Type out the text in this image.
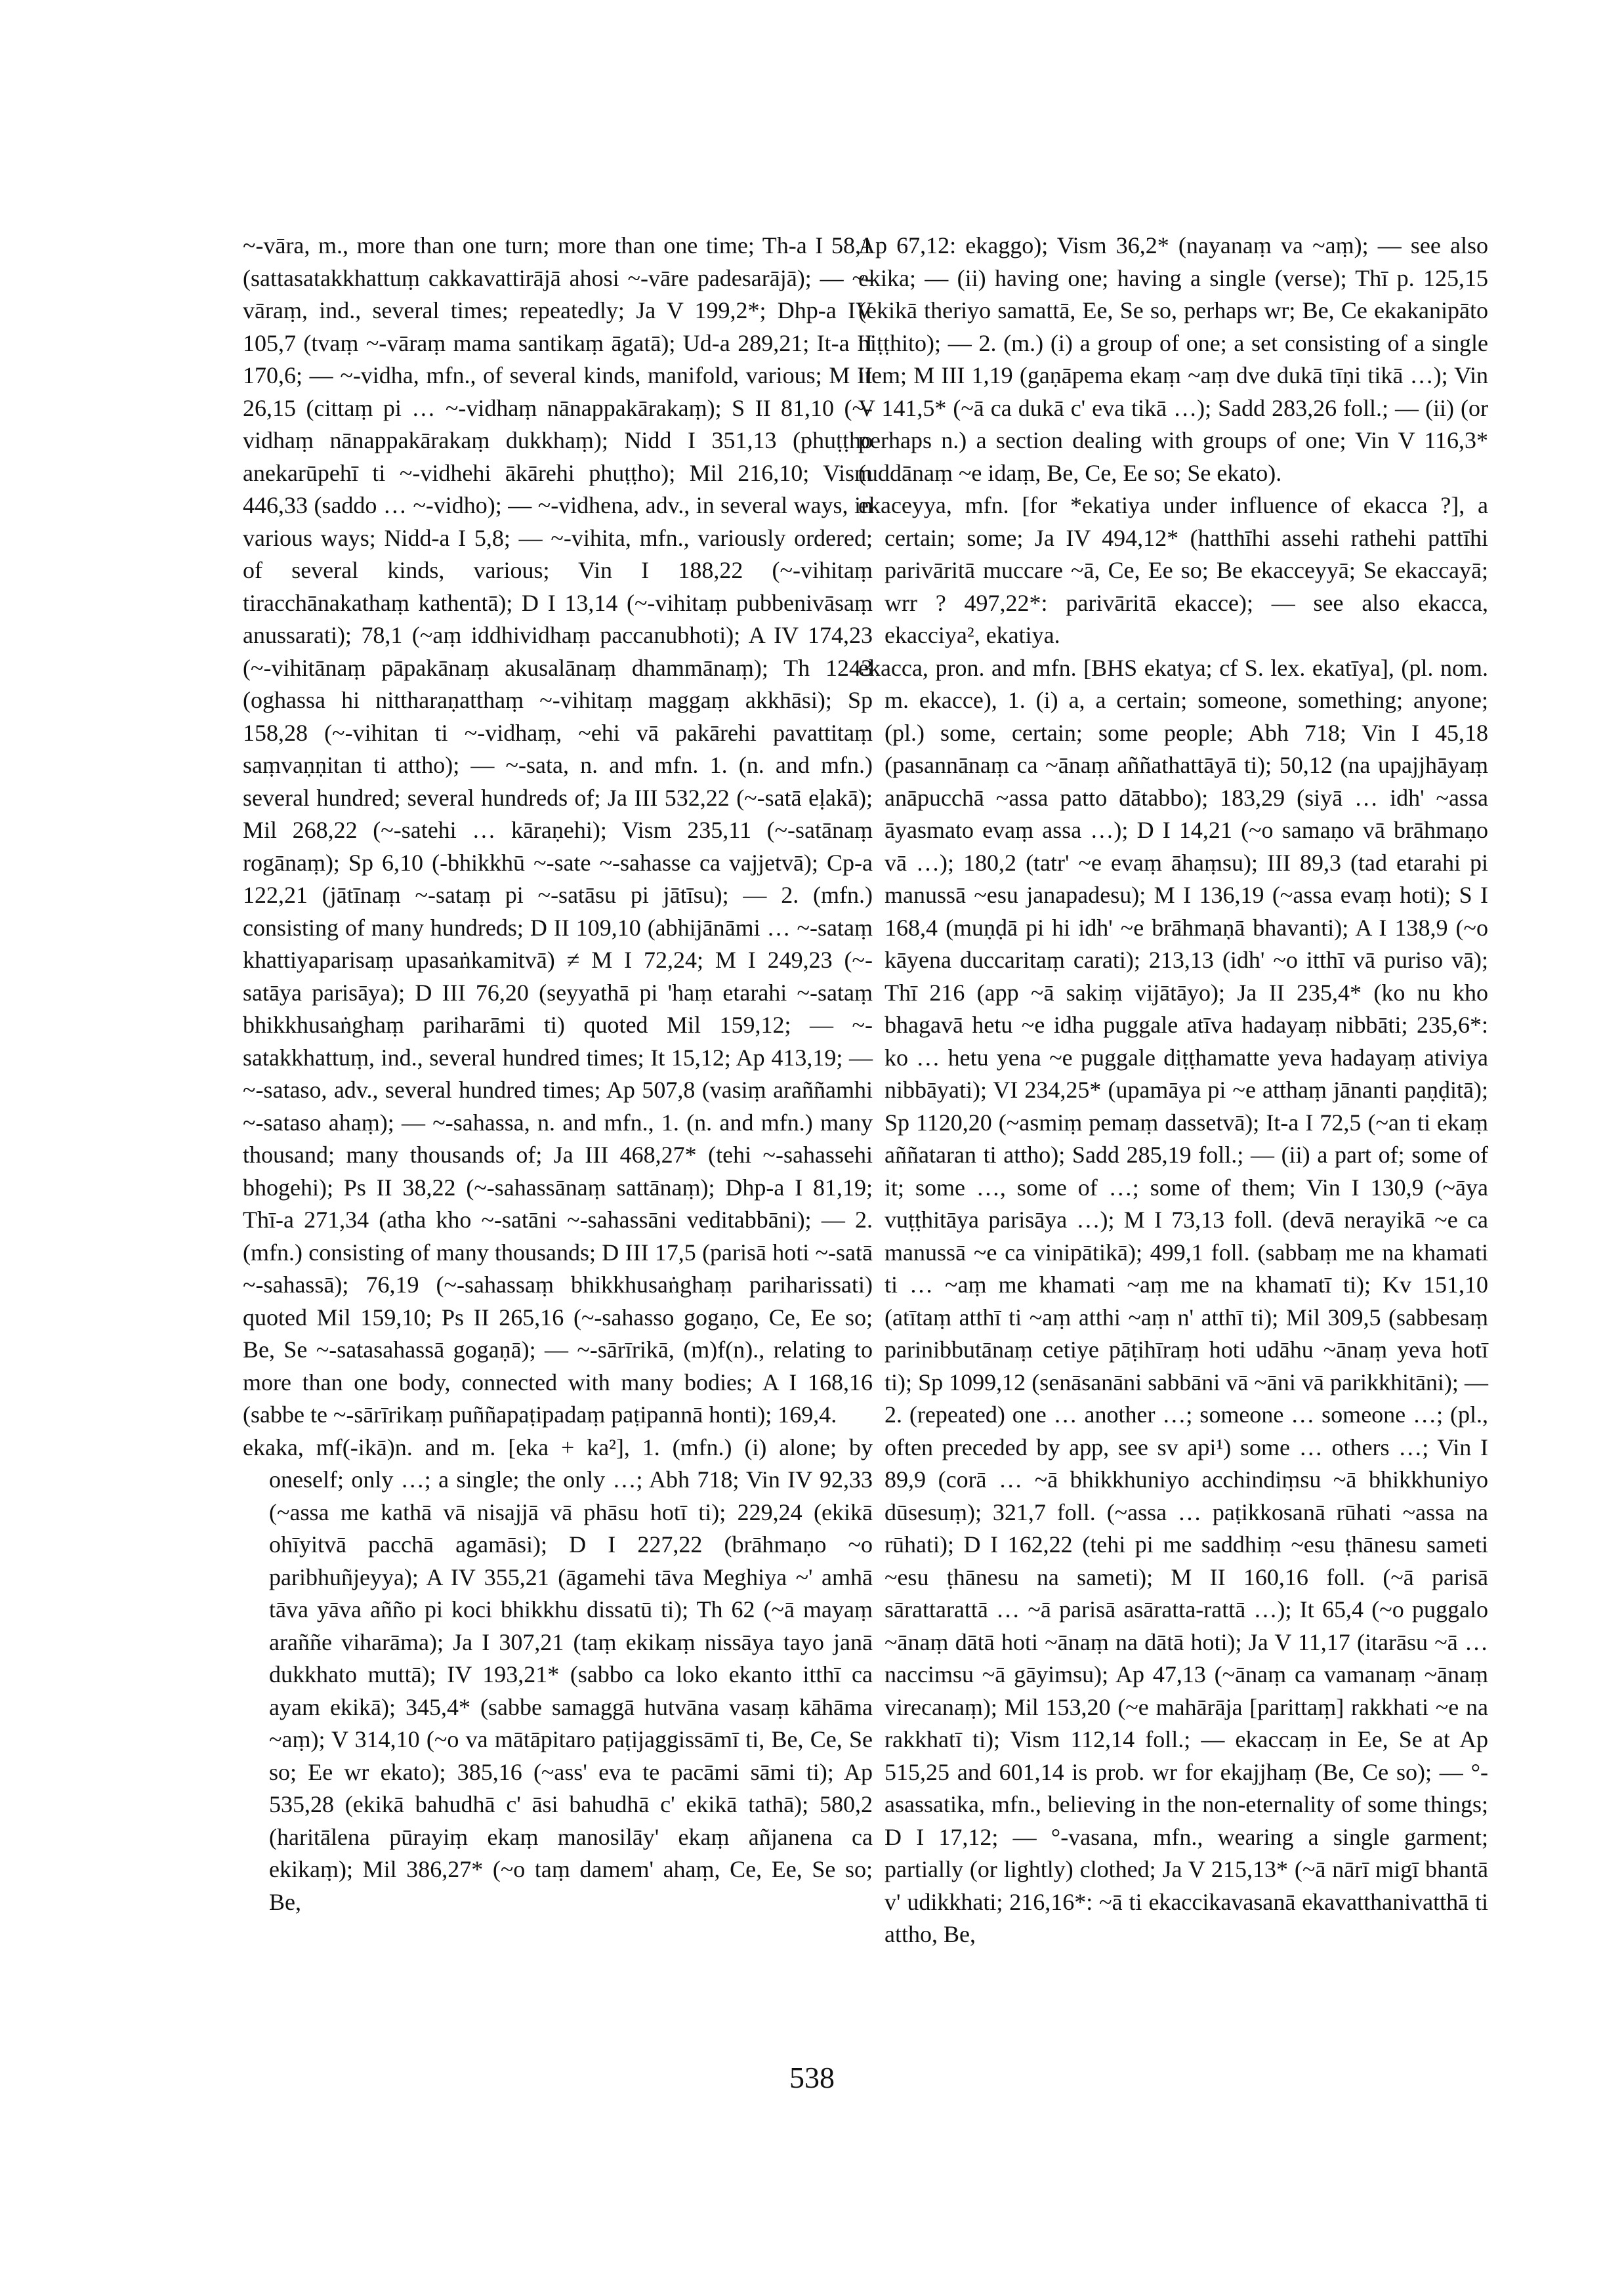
~-vāra, m., more than one turn; more than one time; Th-a I 58,1 (sattasatakkhattuṃ cakkavattirājā ahosi ~-vāre padesarājā); — ~-vāraṃ, ind., several times; repeatedly; Ja V 199,2*; Dhp-a IV 105,7 (tvaṃ ~-vāraṃ mama santikaṃ āgatā); Ud-a 289,21; It-a II 170,6; — ~-vidha, mfn., of several kinds, manifold, various; M II 26,15 (cittaṃ pi … ~-vidhaṃ nānappakārakaṃ); S II 81,10 (~-vidhaṃ nānappakārakaṃ dukkhaṃ); Nidd I 351,13 (phuṭṭho anekarūpehī ti ~-vidhehi ākārehi phuṭṭho); Mil 216,10; Vism 446,33 (saddo … ~-vidho); — ~-vidhena, adv., in several ways, in various ways; Nidd-a I 5,8; — ~-vihita, mfn., variously ordered; of several kinds, various; Vin I 188,22 (~-vihitaṃ tiracchānakathaṃ kathentā); D I 13,14 (~-vihitaṃ pubbenivāsaṃ anussarati); 78,1 (~aṃ iddhividhaṃ paccanubhoti); A IV 174,23 (~-vihitānaṃ pāpakānaṃ akusalānaṃ dhammānaṃ); Th 1243 (oghassa hi nittharaṇatthaṃ ~-vihitaṃ maggaṃ akkhāsi); Sp 158,28 (~-vihitan ti ~-vidhaṃ, ~ehi vā pakārehi pavattitaṃ saṃvaṇṇitan ti attho); — ~-sata, n. and mfn. 1. (n. and mfn.) several hundred; several hundreds of; Ja III 532,22 (~-satā eḷakā); Mil 268,22 (~-satehi … kāraṇehi); Vism 235,11 (~-satānaṃ rogānaṃ); Sp 6,10 (-bhikkhū ~-sate ~-sahasse ca vajjetvā); Cp-a 122,21 (jātīnaṃ ~-sataṃ pi ~-satāsu pi jātīsu); — 2. (mfn.) consisting of many hundreds; D II 109,10 (abhijānāmi … ~-sataṃ khattiyaparisaṃ upasaṅkamitvā) ≠ M I 72,24; M I 249,23 (~-satāya parisāya); D III 76,20 (seyyathā pi 'haṃ etarahi ~-sataṃ bhikkhusaṅghaṃ pariharāmi ti) quoted Mil 159,12; — ~-satakkhattuṃ, ind., several hundred times; It 15,12; Ap 413,19; — ~-sataso, adv., several hundred times; Ap 507,8 (vasiṃ araññamhi ~-sataso ahaṃ); — ~-sahassa, n. and mfn., 1. (n. and mfn.) many thousand; many thousands of; Ja III 468,27* (tehi ~-sahassehi bhogehi); Ps II 38,22 (~-sahassānaṃ sattānaṃ); Dhp-a I 81,19; Thī-a 271,34 (atha kho ~-satāni ~-sahassāni veditabbāni); — 2. (mfn.) consisting of many thousands; D III 17,5 (parisā hoti ~-satā ~-sahassā); 76,19 (~-sahassaṃ bhikkhusaṅghaṃ pariharissati) quoted Mil 159,10; Ps II 265,16 (~-sahasso gogaṇo, Ce, Ee so; Be, Se ~-satasahassā gogaṇā); — ~-sārīrikā, (m)f(n)., relating to more than one body, connected with many bodies; A I 168,16 (sabbe te ~-sārīrikaṃ puññapaṭipadaṃ paṭipannā honti); 169,4.

ekaka, mf(-ikā)n. and m. [eka + ka²], 1. (mfn.) (i) alone; by oneself; only …; a single; the only …; Abh 718; Vin IV 92,33 (~assa me kathā vā nisajjā vā phāsu hotī ti); 229,24 (ekikā ohīyitvā pacchā agamāsi); D I 227,22 (brāhmaṇo ~o paribhuñjeyya); A IV 355,21 (āgamehi tāva Meghiya ~' amhā tāva yāva añño pi koci bhikkhu dissatū ti); Th 62 (~ā mayaṃ araññe viharāma); Ja I 307,21 (taṃ ekikaṃ nissāya tayo janā dukkhato muttā); IV 193,21* (sabbo ca loko ekanto itthī ca ayam ekikā); 345,4* (sabbe samaggā hutvāna vasaṃ kāhāma ~aṃ); V 314,10 (~o va mātāpitaro paṭijaggissāmī ti, Be, Ce, Se so; Ee wr ekato); 385,16 (~ass' eva te pacāmi sāmi ti); Ap 535,28 (ekikā bahudhā c' āsi bahudhā c' ekikā tathā); 580,2 (haritālena pūrayiṃ ekaṃ manosilāy' ekaṃ añjanena ca ekikaṃ); Mil 386,27* (~o taṃ damem' ahaṃ, Ce, Ee, Se so; Be,

Ap 67,12: ekaggo); Vism 36,2* (nayanaṃ va ~aṃ); — see also ekika; — (ii) having one; having a single (verse); Thī p. 125,15 (ekikā theriyo samattā, Ee, Se so, perhaps wr; Be, Ce ekakanipāto niṭṭhito); — 2. (m.) (i) a group of one; a set consisting of a single item; M III 1,19 (gaṇāpema ekaṃ ~aṃ dve dukā tīṇi tikā …); Vin V 141,5* (~ā ca dukā c' eva tikā …); Sadd 283,26 foll.; — (ii) (or perhaps n.) a section dealing with groups of one; Vin V 116,3* (uddānaṃ ~e idaṃ, Be, Ce, Ee so; Se ekato).

ekaceyya, mfn. [for *ekatiya under influence of ekacca ?], a certain; some; Ja IV 494,12* (hatthīhi assehi rathehi pattīhi parivāritā muccare ~ā, Ce, Ee so; Be ekacceyyā; Se ekaccayā; wrr ? 497,22*: parivāritā ekacce); — see also ekacca, ekacciya², ekatiya.

ekacca, pron. and mfn. [BHS ekatya; cf S. lex. ekatīya], (pl. nom. m. ekacce), 1. (i) a, a certain; someone, something; anyone; (pl.) some, certain; some people; Abh 718; Vin I 45,18 (pasannānaṃ ca ~ānaṃ aññathattāyā ti); 50,12 (na upajjhāyaṃ anāpucchā ~assa patto dātabbo); 183,29 (siyā … idh' ~assa āyasmato evaṃ assa …); D I 14,21 (~o samaṇo vā brāhmaṇo vā …); 180,2 (tatr' ~e evaṃ āhaṃsu); III 89,3 (tad etarahi pi manussā ~esu janapadesu); M I 136,19 (~assa evaṃ hoti); S I 168,4 (muṇḍā pi hi idh' ~e brāhmaṇā bhavanti); A I 138,9 (~o kāyena duccaritaṃ carati); 213,13 (idh' ~o itthī vā puriso vā); Thī 216 (app ~ā sakiṃ vijātāyo); Ja II 235,4* (ko nu kho bhagavā hetu ~e idha puggale atīva hadayaṃ nibbāti; 235,6*: ko … hetu yena ~e puggale diṭṭhamatte yeva hadayaṃ ativiya nibbāyati); VI 234,25* (upamāya pi ~e atthaṃ jānanti paṇḍitā); Sp 1120,20 (~asmiṃ pemaṃ dassetvā); It-a I 72,5 (~an ti ekaṃ aññataran ti attho); Sadd 285,19 foll.; — (ii) a part of; some of it; some …, some of …; some of them; Vin I 130,9 (~āya vuṭṭhitāya parisāya …); M I 73,13 foll. (devā nerayikā ~e ca manussā ~e ca vinipātikā); 499,1 foll. (sabbaṃ me na khamati ti … ~aṃ me khamati ~aṃ me na khamatī ti); Kv 151,10 (atītaṃ atthī ti ~aṃ atthi ~aṃ n' atthī ti); Mil 309,5 (sabbesaṃ parinibbutānaṃ cetiye pāṭihīraṃ hoti udāhu ~ānaṃ yeva hotī ti); Sp 1099,12 (senāsanāni sabbāni vā ~āni vā parikkhitāni); — 2. (repeated) one … another …; someone … someone …; (pl., often preceded by app, see sv api¹) some … others …; Vin I 89,9 (corā … ~ā bhikkhuniyo acchindiṃsu ~ā bhikkhuniyo dūsesuṃ); 321,7 foll. (~assa … paṭikkosanā rūhati ~assa na rūhati); D I 162,22 (tehi pi me saddhiṃ ~esu ṭhānesu sameti ~esu ṭhānesu na sameti); M II 160,16 foll. (~ā parisā sārattarattā … ~ā parisā asāratta-rattā …); It 65,4 (~o puggalo ~ānaṃ dātā hoti ~ānaṃ na dātā hoti); Ja V 11,17 (itarāsu ~ā … naccimsu ~ā gāyimsu); Ap 47,13 (~ānaṃ ca vamanaṃ ~ānaṃ virecanaṃ); Mil 153,20 (~e mahārāja [parittaṃ] rakkhati ~e na rakkhatī ti); Vism 112,14 foll.; — ekaccaṃ in Ee, Se at Ap 515,25 and 601,14 is prob. wr for ekajjhaṃ (Be, Ce so); — °-asassatika, mfn., believing in the non-eternality of some things; D I 17,12; — °-vasana, mfn., wearing a single garment; partially (or lightly) clothed; Ja V 215,13* (~ā nārī migī bhantā v' udikkhati; 216,16*: ~ā ti ekaccikavasanā ekavatthanivatthā ti attho, Be,

538
